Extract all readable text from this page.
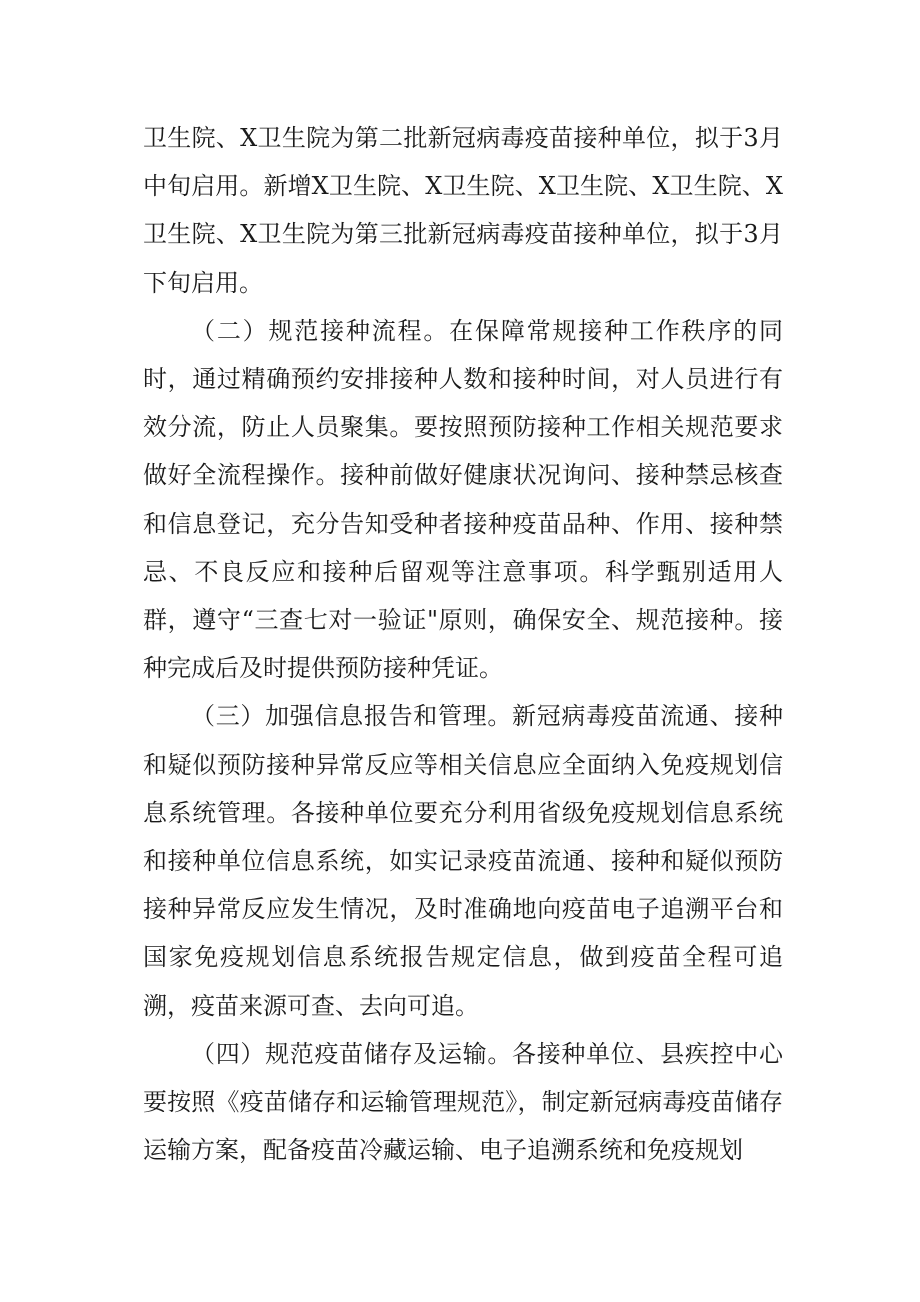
卫生院、X卫生院为第二批新冠病毒疫苗接种单位，拟于3月中旬启用。新增X卫生院、X卫生院、X卫生院、X卫生院、X卫生院、X卫生院为第三批新冠病毒疫苗接种单位，拟于3月下旬启用。

（二）规范接种流程。在保障常规接种工作秩序的同时，通过精确预约安排接种人数和接种时间，对人员进行有效分流，防止人员聚集。要按照预防接种工作相关规范要求做好全流程操作。接种前做好健康状况询问、接种禁忌核查和信息登记，充分告知受种者接种疫苗品种、作用、接种禁忌、不良反应和接种后留观等注意事项。科学甄别适用人群，遵守“三查七对一验证"原则，确保安全、规范接种。接种完成后及时提供预防接种凭证。

（三）加强信息报告和管理。新冠病毒疫苗流通、接种和疑似预防接种异常反应等相关信息应全面纳入免疫规划信息系统管理。各接种单位要充分利用省级免疫规划信息系统和接种单位信息系统，如实记录疫苗流通、接种和疑似预防接种异常反应发生情况，及时准确地向疫苗电子追溯平台和国家免疫规划信息系统报告规定信息，做到疫苗全程可追溯，疫苗来源可查、去向可追。

（四）规范疫苗储存及运输。各接种单位、县疾控中心要按照《疫苗储存和运输管理规范》，制定新冠病毒疫苗储存运输方案，配备疫苗冷藏运输、电子追溯系统和免疫规划
